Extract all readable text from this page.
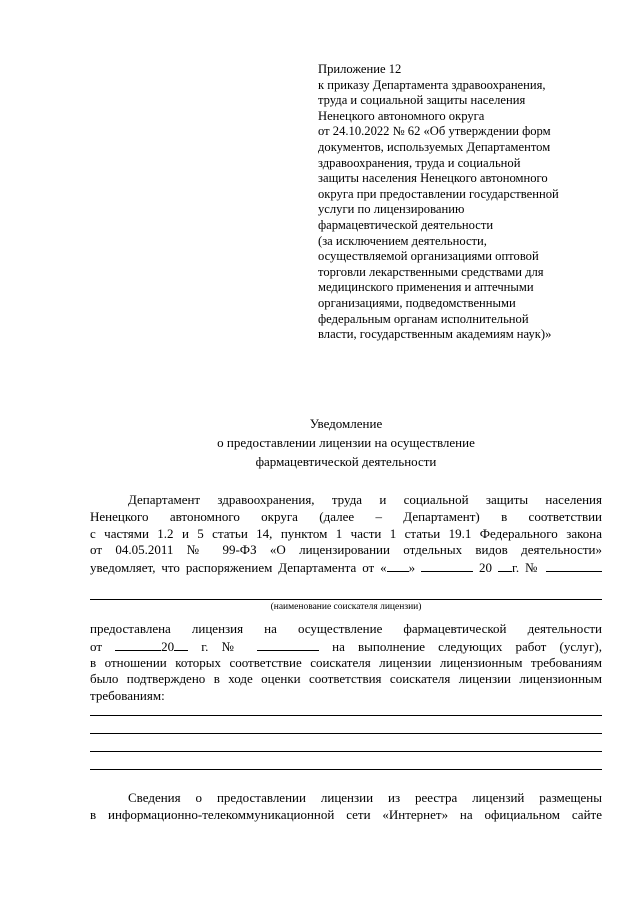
Приложение 12
к приказу Департамента здравоохранения,
труда и социальной защиты населения
Ненецкого автономного округа
от 24.10.2022 № 62 «Об утверждении форм
документов, используемых Департаментом
здравоохранения, труда и социальной
защиты населения Ненецкого автономного
округа при предоставлении государственной
услуги по лицензированию
фармацевтической деятельности
(за исключением деятельности,
осуществляемой организациями оптовой
торговли лекарственными средствами для
медицинского применения и аптечными
организациями, подведомственными
федеральным органам исполнительной
власти, государственным академиям наук)»
Уведомление
о предоставлении лицензии на осуществление
фармацевтической деятельности
Департамент здравоохранения, труда и социальной защиты населения
Ненецкого автономного округа (далее – Департамент) в соответствии
с частями 1.2 и 5 статьи 14, пунктом 1 части 1 статьи 19.1 Федерального закона
от 04.05.2011 № 99-ФЗ «О лицензировании отдельных видов деятельности»
уведомляет, что распоряжением Департамента от « »	20 г. №
(наименование соискателя лицензии)
предоставлена лицензия на осуществление фармацевтической деятельности
от	20 г. №	на выполнение следующих работ (услуг),
в отношении которых соответствие соискателя лицензии лицензионным требованиям
было подтверждено в ходе оценки соответствия соискателя лицензии лицензионным
требованиям:
Сведения о предоставлении лицензии из реестра лицензий размещены
в информационно-телекоммуникационной сети «Интернет» на официальном сайте
